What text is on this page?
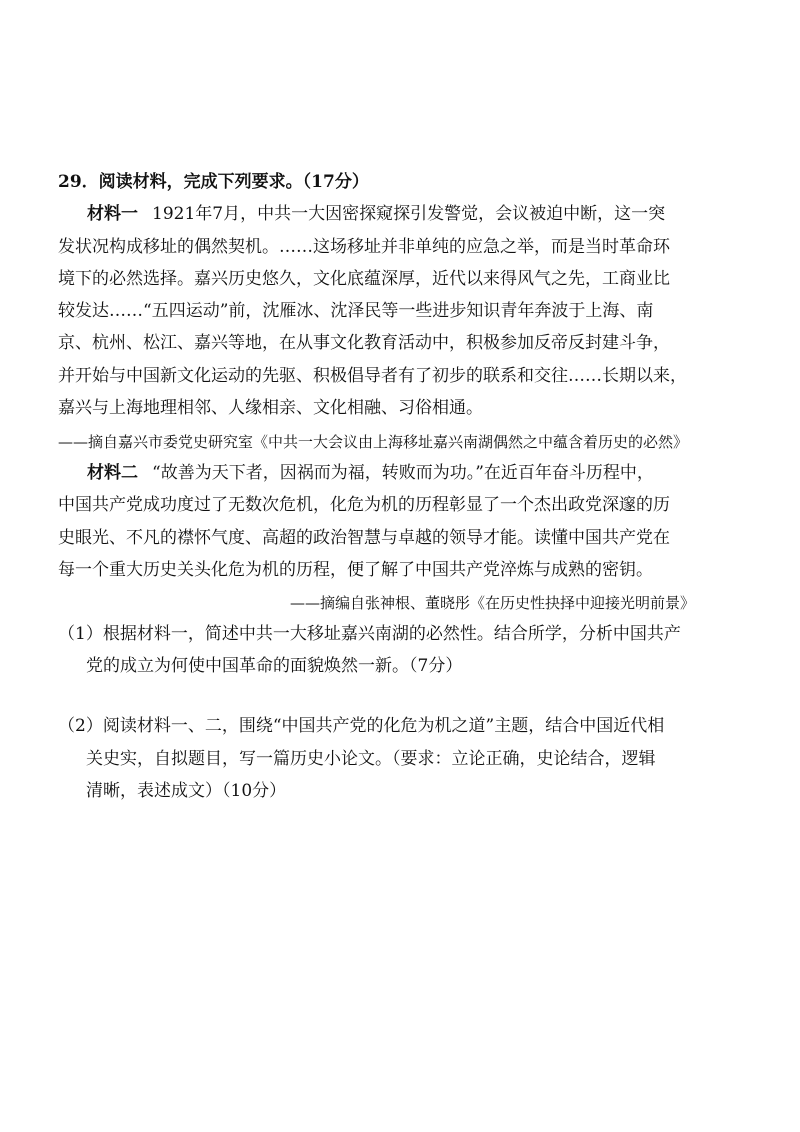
29．阅读材料，完成下列要求。（17分）
材料一 1921年7月，中共一大因密探窥探引发警觉，会议被迫中断，这一突
发状况构成移址的偶然契机。……这场移址并非单纯的应急之举，而是当时革命环
境下的必然选择。嘉兴历史悠久，文化底蕴深厚，近代以来得风气之先，工商业比
较发达……“五四运动”前，沈雁冰、沈泽民等一些进步知识青年奔波于上海、南
京、杭州、松江、嘉兴等地，在从事文化教育活动中，积极参加反帝反封建斗争，
并开始与中国新文化运动的先驱、积极倡导者有了初步的联系和交往……长期以来，
嘉兴与上海地理相邻、人缘相亲、文化相融、习俗相通。
——摘自嘉兴市委党史研究室《中共一大会议由上海移址嘉兴南湖偶然之中蕴含着历史的必然》
材料二 “故善为天下者，因祸而为福，转败而为功。”在近百年奋斗历程中，
中国共产党成功度过了无数次危机，化危为机的历程彰显了一个杰出政党深邃的历
史眼光、不凡的襟怀气度、高超的政治智慧与卓越的领导才能。读懂中国共产党在
每一个重大历史关头化危为机的历程，便了解了中国共产党淬炼与成熟的密钥。
——摘编自张神根、董晓彤《在历史性抉择中迎接光明前景》
（1）根据材料一，简述中共一大移址嘉兴南湖的必然性。结合所学，分析中国共产
党的成立为何使中国革命的面貌焕然一新。（7分）
（2）阅读材料一、二，围绕“中国共产党的化危为机之道”主题，结合中国近代相
关史实，自拟题目，写一篇历史小论文。（要求：立论正确，史论结合，逻辑
清晰，表述成文）（10分）
